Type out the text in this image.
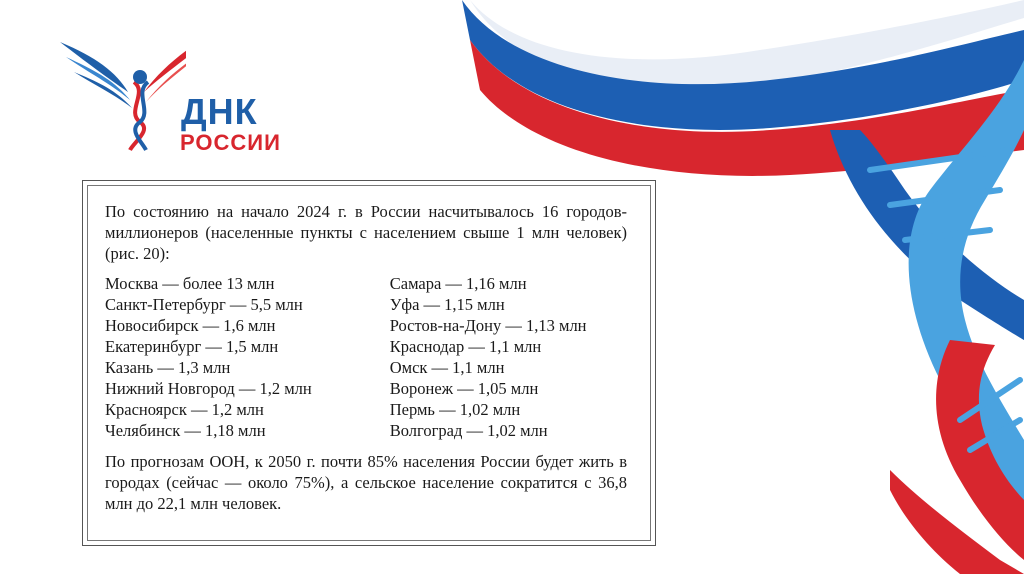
ДНК
РОССИИ

По состоянию на начало 2024 г. в России насчитывалось 16 городов-миллионеров (населенные пункты с населением свыше 1 млн человек) (рис. 20):

Москва — более 13 млн
Санкт-Петербург — 5,5 млн
Новосибирск — 1,6 млн
Екатеринбург — 1,5 млн
Казань — 1,3 млн
Нижний Новгород — 1,2 млн
Красноярск — 1,2 млн
Челябинск — 1,18 млн
Самара — 1,16 млн
Уфа — 1,15 млн
Ростов-на-Дону — 1,13 млн
Краснодар — 1,1 млн
Омск — 1,1 млн
Воронеж — 1,05 млн
Пермь — 1,02 млн
Волгоград — 1,02 млн

По прогнозам ООН, к 2050 г. почти 85% населения России будет жить в городах (сейчас — около 75%), а сельское население сократится с 36,8 млн до 22,1 млн человек.
